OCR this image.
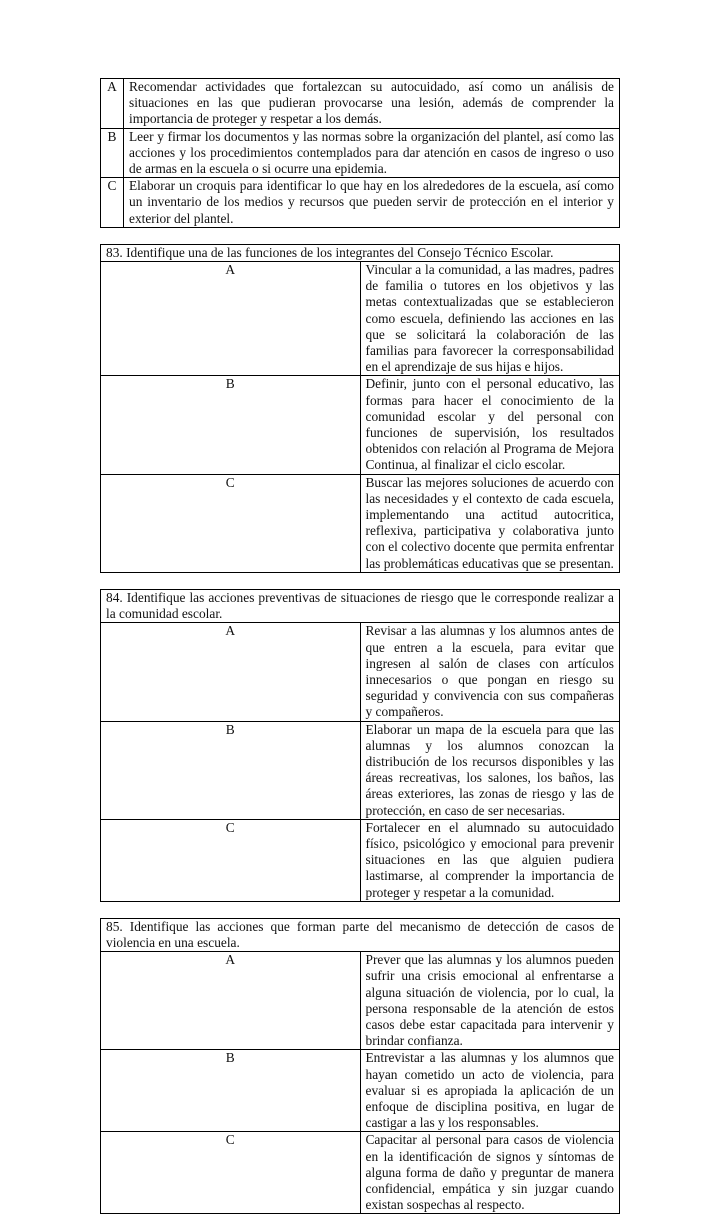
A	Recomendar actividades que fortalezcan su autocuidado, así como un análisis de situaciones en las que pudieran provocarse una lesión, además de comprender la importancia de proteger y respetar a los demás.
B	Leer y firmar los documentos y las normas sobre la organización del plantel, así como las acciones y los procedimientos contemplados para dar atención en casos de ingreso o uso de armas en la escuela o si ocurre una epidemia.
C	Elaborar un croquis para identificar lo que hay en los alrededores de la escuela, así como un inventario de los medios y recursos que pueden servir de protección en el interior y exterior del plantel.
83. Identifique una de las funciones de los integrantes del Consejo Técnico Escolar.	
A	Vincular a la comunidad, a las madres, padres de familia o tutores en los objetivos y las metas contextualizadas que se establecieron como escuela, definiendo las acciones en las que se solicitará la colaboración de las familias para favorecer la corresponsabilidad en el aprendizaje de sus hijas e hijos.
B	Definir, junto con el personal educativo, las formas para hacer el conocimiento de la comunidad escolar y del personal con funciones de supervisión, los resultados obtenidos con relación al Programa de Mejora Continua, al finalizar el ciclo escolar.
C	Buscar las mejores soluciones de acuerdo con las necesidades y el contexto de cada escuela, implementando una actitud autocritica, reflexiva, participativa y colaborativa junto con el colectivo docente que permita enfrentar las problemáticas educativas que se presentan.
84. Identifique las acciones preventivas de situaciones de riesgo que le corresponde realizar a la comunidad escolar.	
A	Revisar a las alumnas y los alumnos antes de que entren a la escuela, para evitar que ingresen al salón de clases con artículos innecesarios o que pongan en riesgo su seguridad y convivencia con sus compañeras y compañeros.
B	Elaborar un mapa de la escuela para que las alumnas y los alumnos conozcan la distribución de los recursos disponibles y las áreas recreativas, los salones, los baños, las áreas exteriores, las zonas de riesgo y las de protección, en caso de ser necesarias.
C	Fortalecer en el alumnado su autocuidado físico, psicológico y emocional para prevenir situaciones en las que alguien pudiera lastimarse, al comprender la importancia de proteger y respetar a la comunidad.
85. Identifique las acciones que forman parte del mecanismo de detección de casos de violencia en una escuela.	
A	Prever que las alumnas y los alumnos pueden sufrir una crisis emocional al enfrentarse a alguna situación de violencia, por lo cual, la persona responsable de la atención de estos casos debe estar capacitada para intervenir y brindar confianza.
B	Entrevistar a las alumnas y los alumnos que hayan cometido un acto de violencia, para evaluar si es apropiada la aplicación de un enfoque de disciplina positiva, en lugar de castigar a las y los responsables.
C	Capacitar al personal para casos de violencia en la identificación de signos y síntomas de alguna forma de daño y preguntar de manera confidencial, empática y sin juzgar cuando existan sospechas al respecto.
